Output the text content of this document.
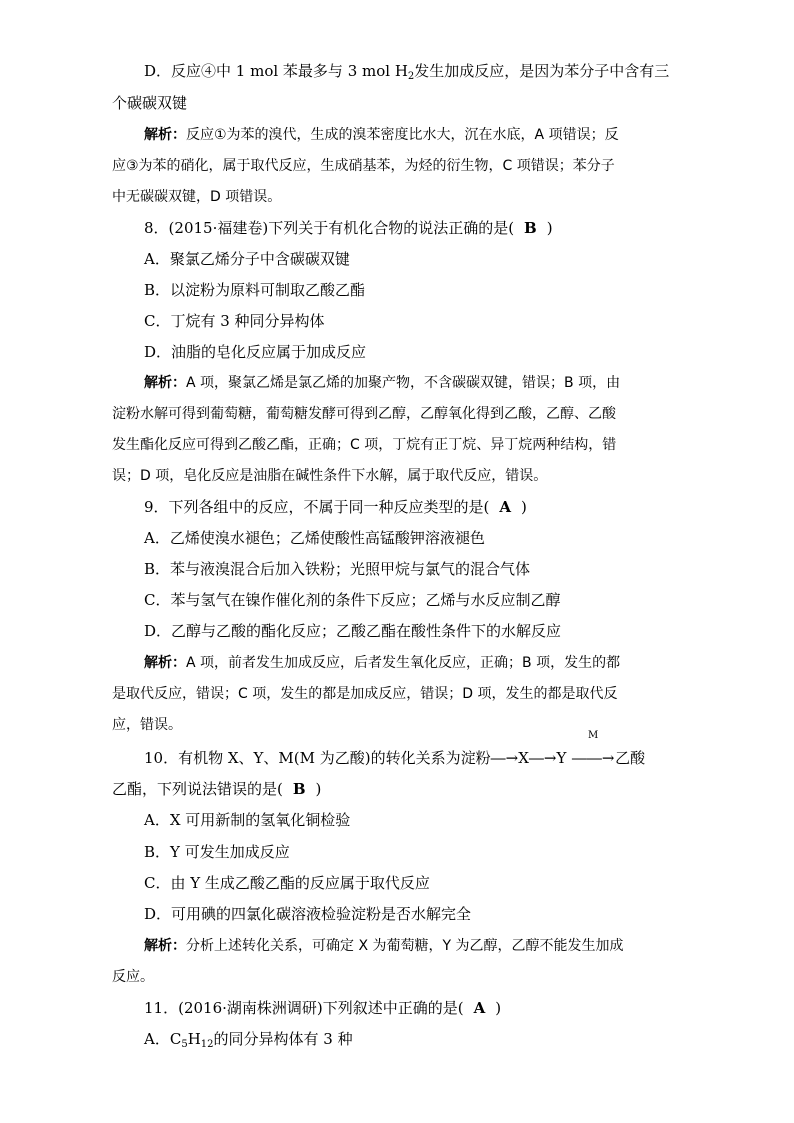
D．反应④中 1 mol 苯最多与 3 mol $H_2$发生加成反应，是因为苯分子中含有三
个碳碳双键
解析：反应①为苯的溴代，生成的溴苯密度比水大，沉在水底，A 项错误；反
应③为苯的硝化，属于取代反应，生成硝基苯，为烃的衍生物，C 项错误；苯分子
中无碳碳双键，D 项错误。
8．(2015·福建卷)下列关于有机化合物的说法正确的是( B )
A．聚氯乙烯分子中含碳碳双键
B．以淀粉为原料可制取乙酸乙酯
C．丁烷有 3 种同分异构体
D．油脂的皂化反应属于加成反应
解析：A 项，聚氯乙烯是氯乙烯的加聚产物，不含碳碳双键，错误；B 项，由
淀粉水解可得到葡萄糖，葡萄糖发酵可得到乙醇，乙醇氧化得到乙酸，乙醇、乙酸
发生酯化反应可得到乙酸乙酯，正确；C 项，丁烷有正丁烷、异丁烷两种结构，错
误；D 项，皂化反应是油脂在碱性条件下水解，属于取代反应，错误。
9．下列各组中的反应，不属于同一种反应类型的是( A )
A．乙烯使溴水褪色；乙烯使酸性高锰酸钾溶液褪色
B．苯与液溴混合后加入铁粉；光照甲烷与氯气的混合气体
C．苯与氢气在镍作催化剂的条件下反应；乙烯与水反应制乙醇
D．乙醇与乙酸的酯化反应；乙酸乙酯在酸性条件下的水解反应
解析：A 项，前者发生加成反应，后者发生氧化反应，正确；B 项，发生的都
是取代反应，错误；C 项，发生的都是加成反应，错误；D 项，发生的都是取代反
应，错误。
10．有机物 X、Y、M(M 为乙酸)的转化关系为淀粉―→X―→Y
M
――→乙酸
乙酯，下列说法错误的是( B )
A．X 可用新制的氢氧化铜检验
B．Y 可发生加成反应
C．由 Y 生成乙酸乙酯的反应属于取代反应
D．可用碘的四氯化碳溶液检验淀粉是否水解完全
解析：分析上述转化关系，可确定 X 为葡萄糖，Y 为乙醇，乙醇不能发生加成
反应。
11．(2016·湖南株洲调研)下列叙述中正确的是( A )
A．$C_5H_{12}$的同分异构体有 3 种
